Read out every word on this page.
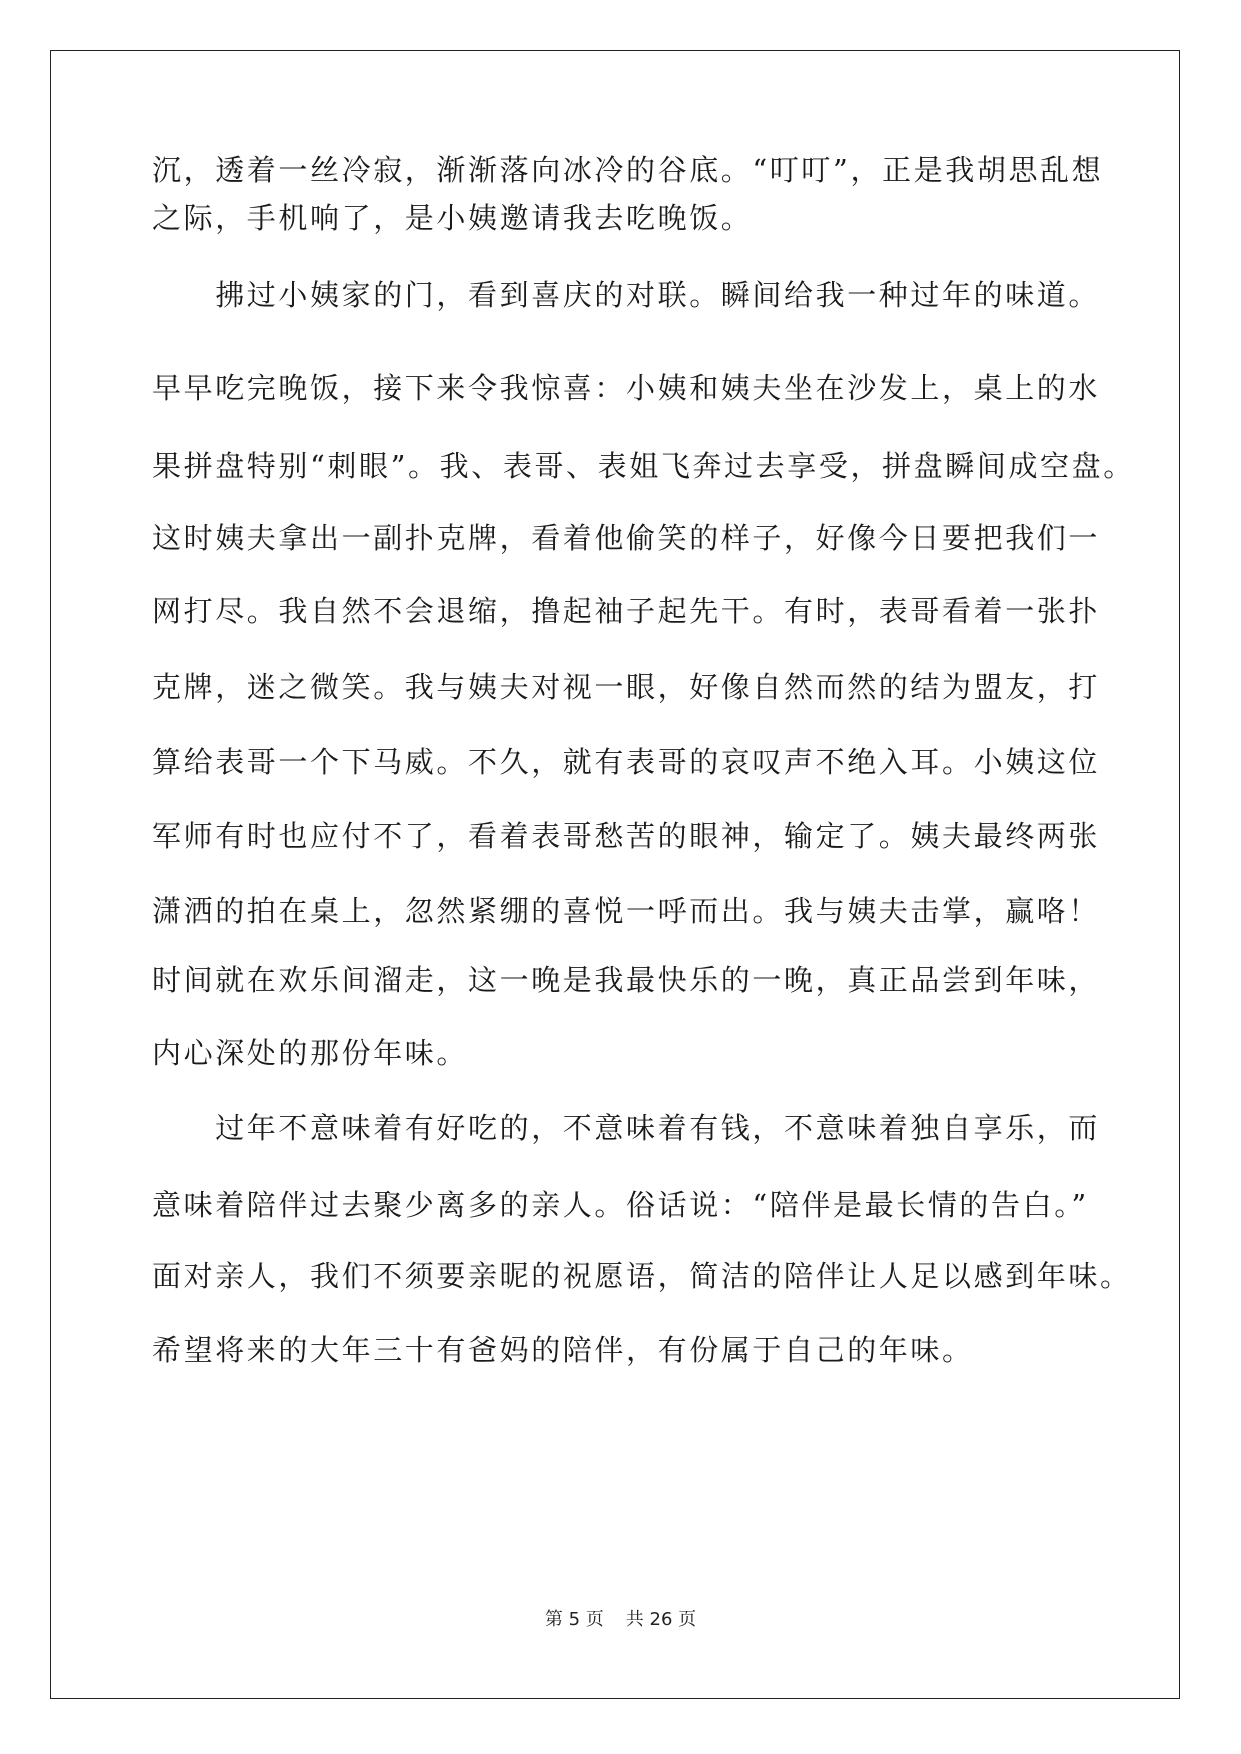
沉，透着一丝冷寂，渐渐落向冰冷的谷底。“叮叮”，正是我胡思乱想
之际，手机响了，是小姨邀请我去吃晚饭。
　　拂过小姨家的门，看到喜庆的对联。瞬间给我一种过年的味道。
早早吃完晚饭，接下来令我惊喜：小姨和姨夫坐在沙发上，桌上的水
果拼盘特别“刺眼”。我、表哥、表姐飞奔过去享受，拼盘瞬间成空盘。
这时姨夫拿出一副扑克牌，看着他偷笑的样子，好像今日要把我们一
网打尽。我自然不会退缩，撸起袖子起先干。有时，表哥看着一张扑
克牌，迷之微笑。我与姨夫对视一眼，好像自然而然的结为盟友，打
算给表哥一个下马威。不久，就有表哥的哀叹声不绝入耳。小姨这位
军师有时也应付不了，看着表哥愁苦的眼神，输定了。姨夫最终两张
潇洒的拍在桌上，忽然紧绷的喜悦一呼而出。我与姨夫击掌，赢咯！
时间就在欢乐间溜走，这一晚是我最快乐的一晚，真正品尝到年味，
内心深处的那份年味。
　　过年不意味着有好吃的，不意味着有钱，不意味着独自享乐，而
意味着陪伴过去聚少离多的亲人。俗话说：“陪伴是最长情的告白。”
面对亲人，我们不须要亲昵的祝愿语，简洁的陪伴让人足以感到年味。
希望将来的大年三十有爸妈的陪伴，有份属于自己的年味。
第 5 页 共 26 页
